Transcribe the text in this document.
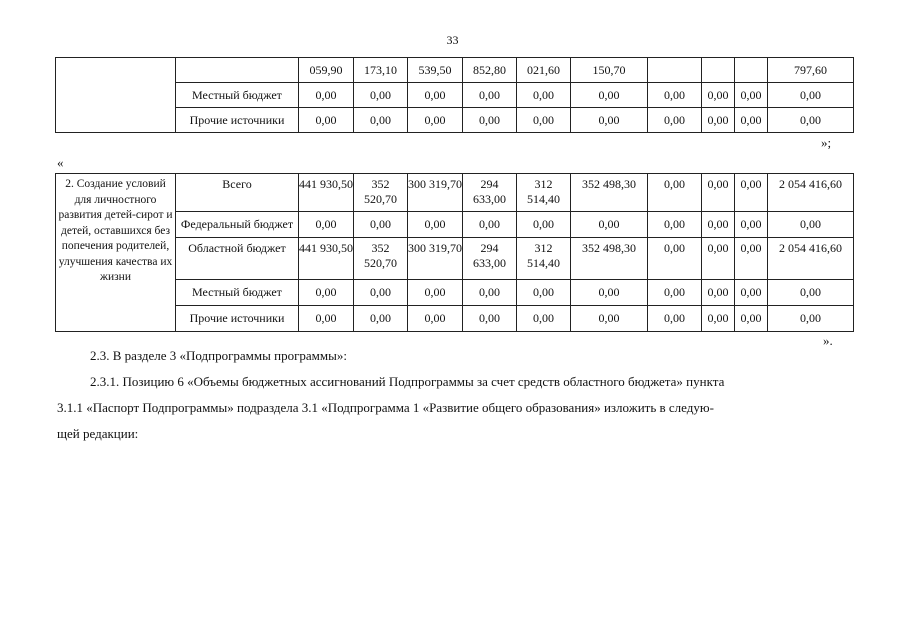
33
		059,90	173,10	539,50	852,80	021,60	150,70				797,60
	Местный бюджет	0,00	0,00	0,00	0,00	0,00	0,00	0,00	0,00	0,00	0,00
	Прочие источники	0,00	0,00	0,00	0,00	0,00	0,00	0,00	0,00	0,00	0,00
»;
«
2. Создание условий для личностного развития детей-сирот и детей, оставшихся без попечения родителей, улучшения качества их жизни	Всего	441 930,50	352 520,70	300 319,70	294 633,00	312 514,40	352 498,30	0,00	0,00	0,00	2 054 416,60
	Федеральный бюджет	0,00	0,00	0,00	0,00	0,00	0,00	0,00	0,00	0,00	0,00
	Областной бюджет	441 930,50	352 520,70	300 319,70	294 633,00	312 514,40	352 498,30	0,00	0,00	0,00	2 054 416,60
	Местный бюджет	0,00	0,00	0,00	0,00	0,00	0,00	0,00	0,00	0,00	0,00
	Прочие источники	0,00	0,00	0,00	0,00	0,00	0,00	0,00	0,00	0,00	0,00
».
2.3. В разделе 3 «Подпрограммы программы»:
2.3.1. Позицию 6 «Объемы бюджетных ассигнований Подпрограммы за счет средств областного бюджета» пункта
3.1.1 «Паспорт Подпрограммы» подраздела 3.1 «Подпрограмма 1 «Развитие общего образования» изложить в следую-
щей редакции:
